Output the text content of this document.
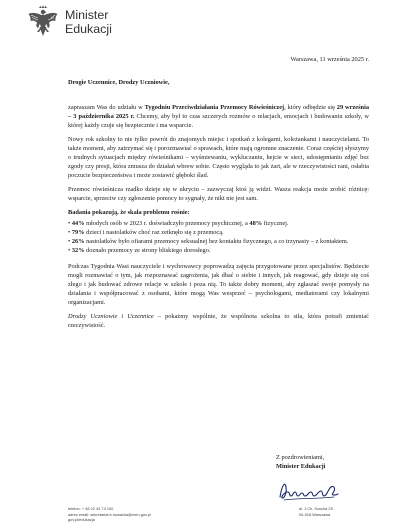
Minister
Edukacji

Warszawa, 11 września 2025 r.

Drogie Uczennice, Drodzy Uczniowie,

zapraszam Was do udziału w Tygodniu Przeciwdziałania Przemocy Rówieśniczej, który odbędzie się 29 września – 3 października 2025 r. Chcemy, aby był to czas szczerych rozmów o relacjach, emocjach i budowaniu szkoły, w której każdy czuje się bezpiecznie i ma wsparcie.

Nowy rok szkolny to nie tylko powrót do znajomych miejsc i spotkań z kolegami, koleżankami i nauczycielami. To także moment, aby zatrzymać się i porozmawiać o sprawach, które mają ogromne znaczenie. Coraz częściej słyszymy o trudnych sytuacjach między rówieśnikami – wyśmiewaniu, wykluczaniu, hejcie w sieci, udostępnianiu zdjęć bez zgody czy presji, która zmusza do działań wbrew sobie. Często wygląda to jak żart, ale w rzeczywistości rani, osłabia poczucie bezpieczeństwa i może zostawić głęboki ślad.

Przemoc rówieśnicza rzadko dzieje się w ukryciu – zazwyczaj ktoś ją widzi. Wasza reakcja może zrobić różnicę: wsparcie, sprzeciw czy zgłoszenie pomocy to sygnały, że nikt nie jest sam.

Badania pokazują, że skala problemu rośnie:

• 44% młodych osób w 2023 r. doświadczyło przemocy psychicznej, a 48% fizycznej.

• 79% dzieci i nastolatków choć raz zetknęło się z przemocą.

• 26% nastolatków było ofiarami przemocy seksualnej bez kontaktu fizycznego, a co trzynasty – z kontaktem.

• 32% doznało przemocy ze strony bliskiego dorosłego.

Podczas Tygodnia Wasi nauczyciele i wychowawcy poprowadzą zajęcia przygotowane przez specjalistów. Będziecie mogli rozmawiać o tym, jak rozpoznawać zagrożenia, jak dbać o siebie i innych, jak reagować, gdy dzieje się coś złego i jak budować zdrowe relacje w szkole i poza nią. To także dobry moment, aby zgłaszać swoje pomysły na działania i współpracować z osobami, które mogą Was wesprzeć – psychologami, mediatorami czy lokalnymi organizacjami.

Drodzy Uczniowie i Uczennice – pokażmy wspólnie, że wspólnota szkolna to siła, która potrafi zmieniać rzeczywistość.

Z pozdrowieniami,
Minister Edukacji
telefon: + 48 22 34 74 100
adres email: sekretariat.b.nowacka@men.gov.pl
gov.pl/edukacja
al. J.Ch. Szucha 25
00-918 Warszawa
